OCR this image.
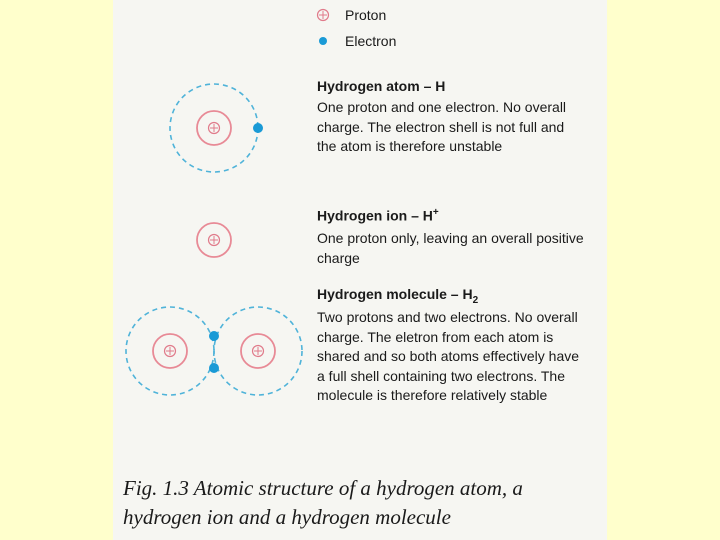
Proton
Electron
Hydrogen atom – H
One proton and one electron. No overall charge. The electron shell is not full and the atom is therefore unstable
Hydrogen ion – H+
One proton only, leaving an overall positive charge
Hydrogen molecule – $H_2$
Two protons and two electrons. No overall charge. The eletron from each atom is shared and so both atoms effectively have a full shell containing two electrons. The molecule is therefore relatively stable
Fig. 1.3 Atomic structure of a hydrogen atom, a hydrogen ion and a hydrogen molecule
